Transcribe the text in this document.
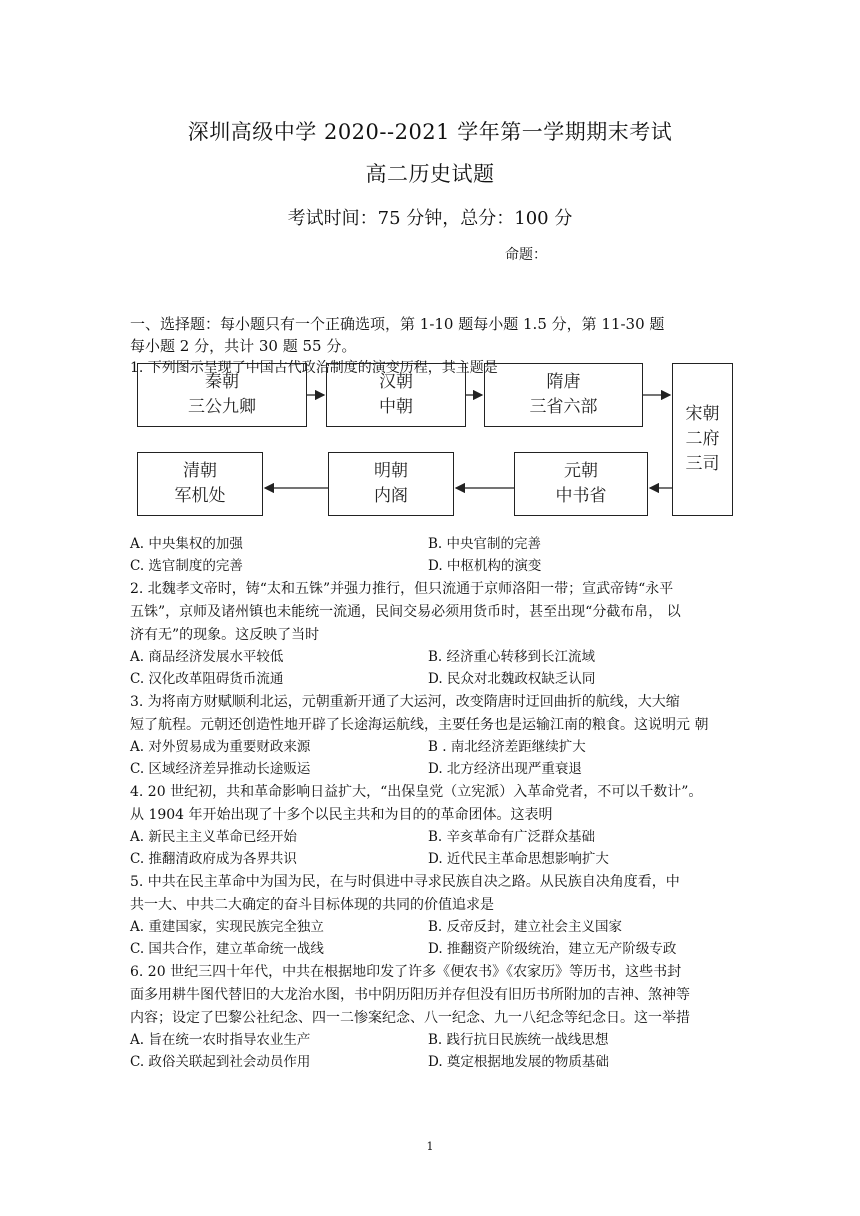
深圳高级中学 2020--2021 学年第一学期期末考试
高二历史试题
考试时间：75 分钟，总分：100 分
命题：
一、选择题：每小题只有一个正确选项，第 1-10 题每小题 1.5 分，第 11-30 题
每小题 2 分，共计 30 题 55 分。
1. 下列图示呈现了中国古代政治制度的演变历程，其主题是
秦朝
三公九卿
汉朝
中朝
隋唐
三省六部	宋朝
二府
三司
元朝
中书省
明朝
内阁
清朝
军机处
A. 中央集权的加强	B. 中央官制的完善
C. 选官制度的完善	D. 中枢机构的演变
2. 北魏孝文帝时，铸“太和五铢”并强力推行，但只流通于京师洛阳一带；宣武帝铸“永平
五铢”，京师及诸州镇也未能统一流通，民间交易必须用货币时，甚至出现“分截布帛， 以
济有无”的现象。这反映了当时
A. 商品经济发展水平较低	B. 经济重心转移到长江流域
C. 汉化改革阻碍货币流通	D. 民众对北魏政权缺乏认同
3. 为将南方财赋顺利北运，元朝重新开通了大运河，改变隋唐时迂回曲折的航线，大大缩
短了航程。元朝还创造性地开辟了长途海运航线，主要任务也是运输江南的粮食。这说明元 朝
A. 对外贸易成为重要财政来源	B . 南北经济差距继续扩大
C. 区域经济差异推动长途贩运	D. 北方经济出现严重衰退
4. 20 世纪初，共和革命影响日益扩大，“出保皇党（立宪派）入革命党者，不可以千数计”。
从 1904 年开始出现了十多个以民主共和为目的的革命团体。这表明
A. 新民主主义革命已经开始	B. 辛亥革命有广泛群众基础
C. 推翻清政府成为各界共识	D. 近代民主革命思想影响扩大
5. 中共在民主革命中为国为民，在与时俱进中寻求民族自决之路。从民族自决角度看，中
共一大、中共二大确定的奋斗目标体现的共同的价值追求是
A. 重建国家，实现民族完全独立	B. 反帝反封，建立社会主义国家
C. 国共合作，建立革命统一战线	D. 推翻资产阶级统治，建立无产阶级专政
6. 20 世纪三四十年代，中共在根据地印发了许多《便农书》《农家历》等历书，这些书封
面多用耕牛图代替旧的大龙治水图，书中阴历阳历并存但没有旧历书所附加的吉神、煞神等
内容；设定了巴黎公社纪念、四一二惨案纪念、八一纪念、九一八纪念等纪念日。这一举措
A. 旨在统一农时指导农业生产	B. 践行抗日民族统一战线思想
C. 政俗关联起到社会动员作用	D. 奠定根据地发展的物质基础
1
